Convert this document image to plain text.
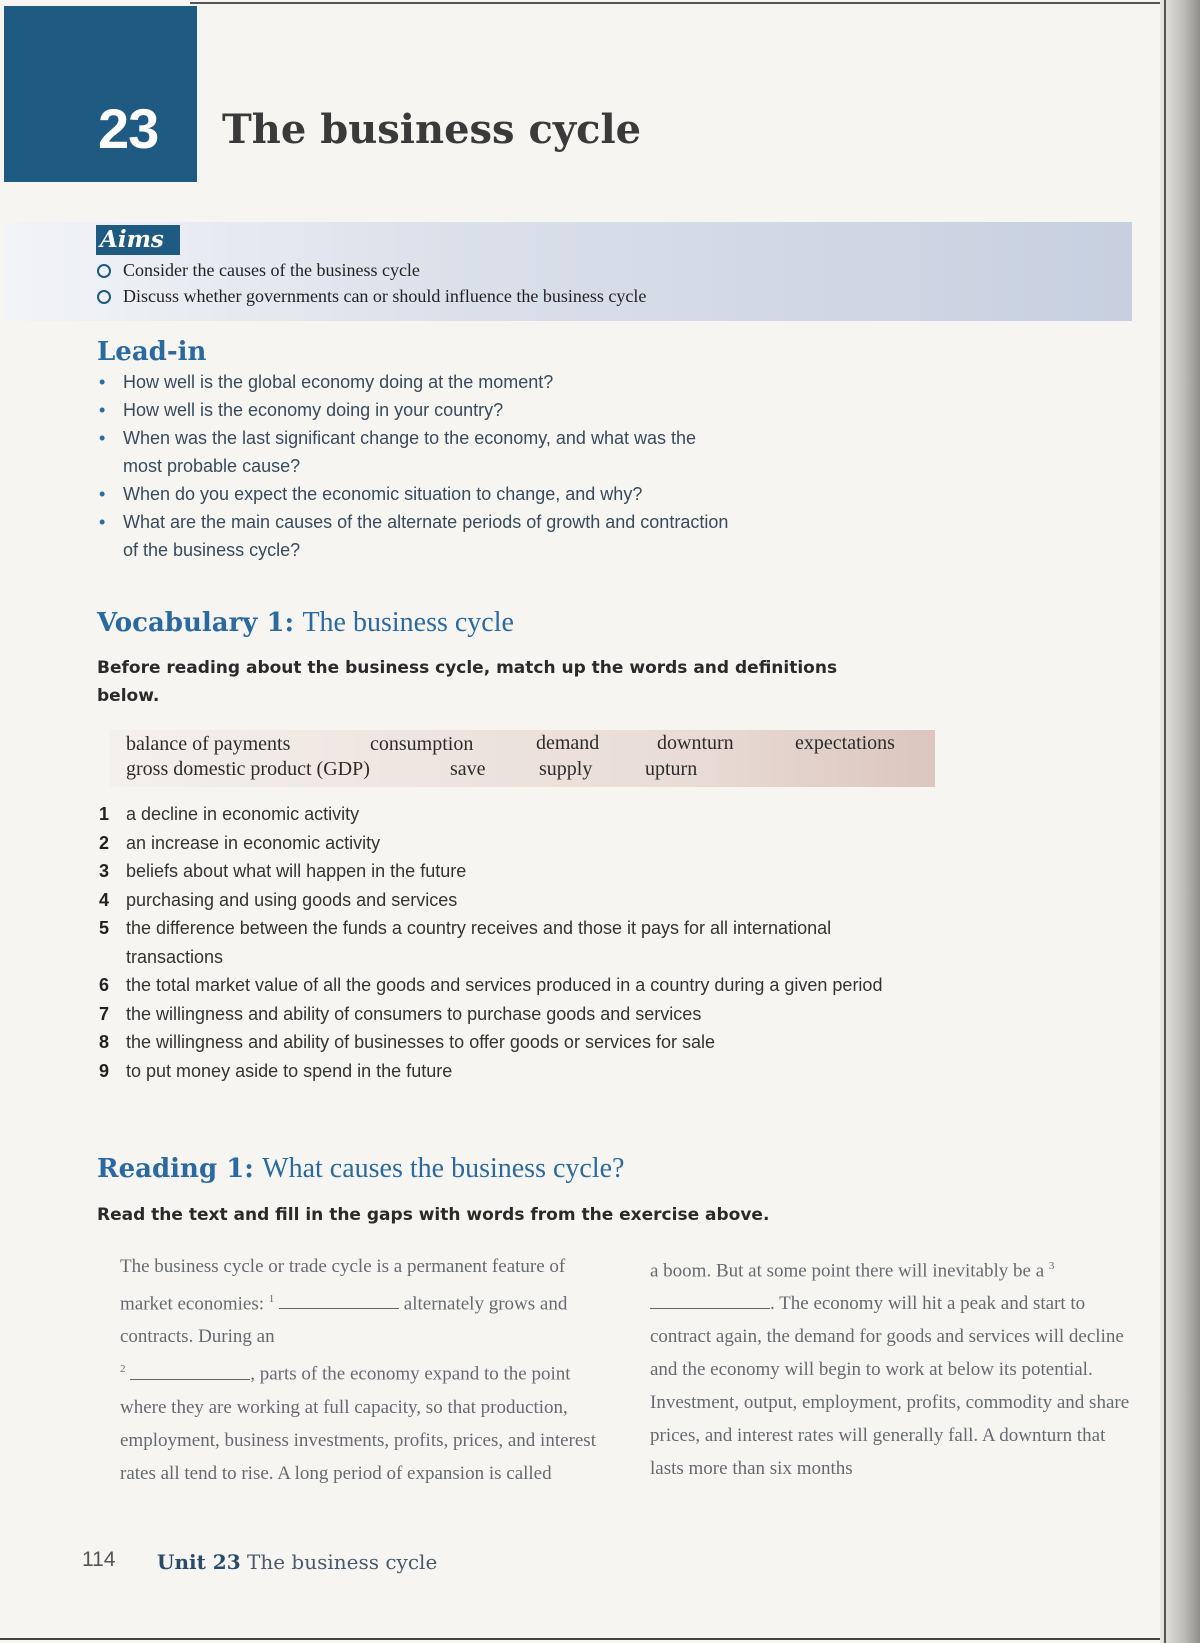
23 The business cycle
Aims
Consider the causes of the business cycle
Discuss whether governments can or should influence the business cycle
Lead-in
• How well is the global economy doing at the moment?
• How well is the economy doing in your country?
• When was the last significant change to the economy, and what was the most probable cause?
• When do you expect the economic situation to change, and why?
• What are the main causes of the alternate periods of growth and contraction of the business cycle?
Vocabulary 1: The business cycle
Before reading about the business cycle, match up the words and definitions below.
balance of payments	consumption	demand	downturn	expectations
gross domestic product (GDP)	save	supply	upturn
1 a decline in economic activity
2 an increase in economic activity
3 beliefs about what will happen in the future
4 purchasing and using goods and services
5 the difference between the funds a country receives and those it pays for all international transactions
6 the total market value of all the goods and services produced in a country during a given period
7 the willingness and ability of consumers to purchase goods and services
8 the willingness and ability of businesses to offer goods or services for sale
9 to put money aside to spend in the future
Reading 1: What causes the business cycle?
Read the text and fill in the gaps with words from the exercise above.
The business cycle or trade cycle is a permanent feature of market economies: $^1$	alternately grows and contracts. During an
$^2$	, parts of the economy expand to the point where they are working at full capacity, so that production, employment, business investments, profits, prices, and interest rates all tend to rise. A long period of expansion is called
a boom. But at some point there will inevitably be a $^3$ . The economy will hit a peak and start to contract again, the demand for goods and services will decline and the economy will begin to work at below its potential. Investment, output, employment, profits, commodity and share prices, and interest rates will generally fall. A downturn that lasts more than six months
114 Unit 23 The business cycle
